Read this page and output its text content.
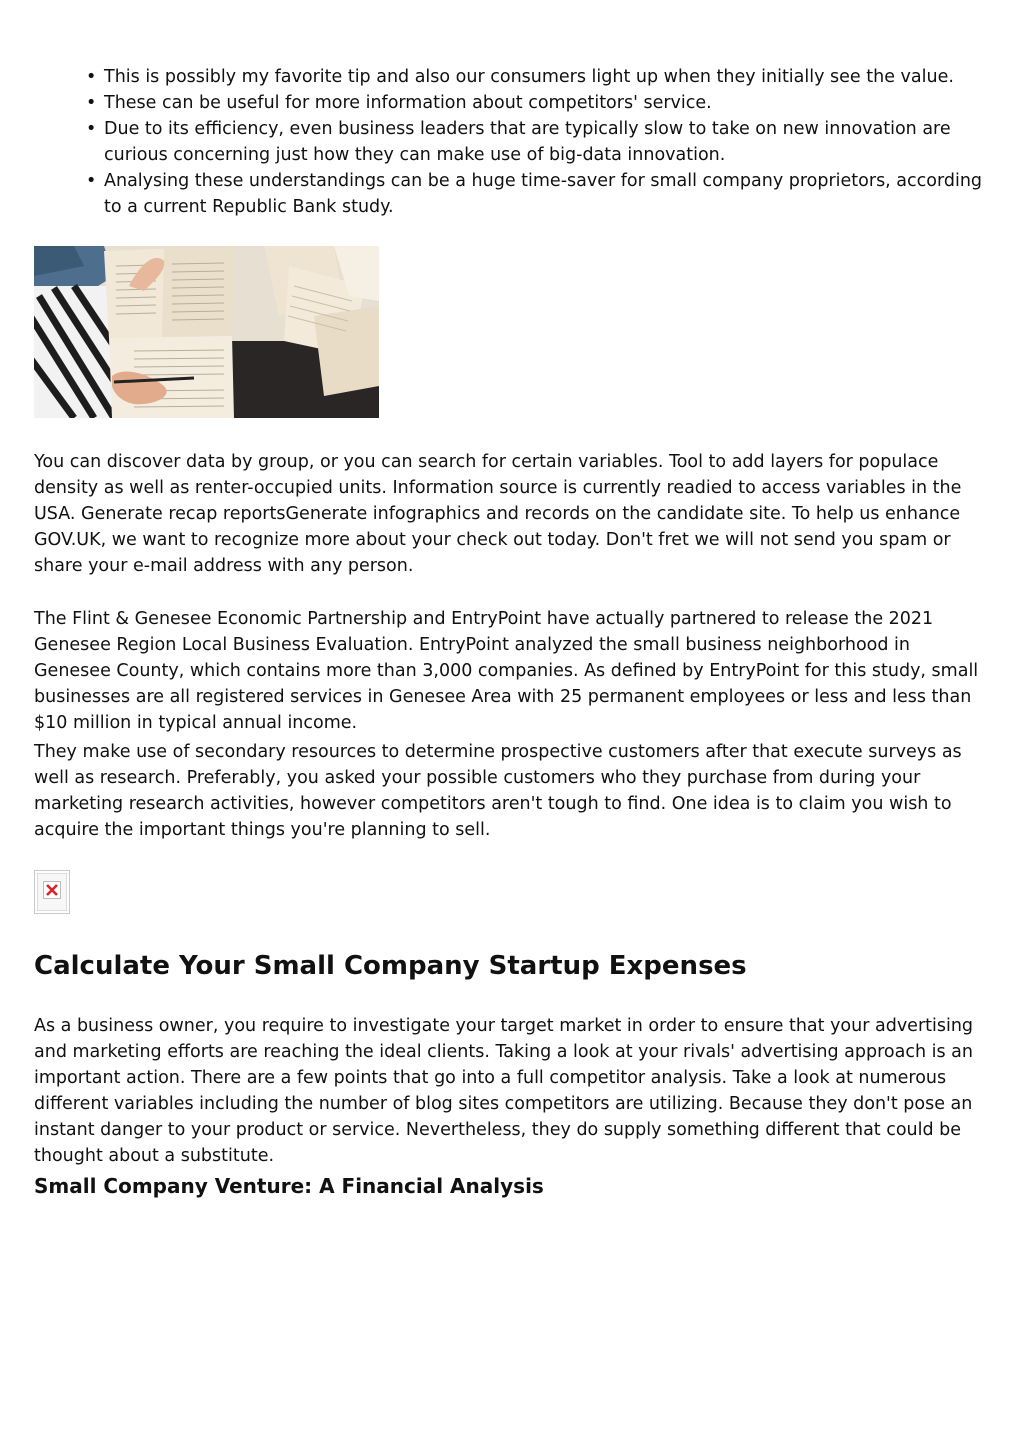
• This is possibly my favorite tip and also our consumers light up when they initially see the value.
• These can be useful for more information about competitors' service.
• Due to its efficiency, even business leaders that are typically slow to take on new innovation are curious concerning just how they can make use of big-data innovation.
• Analysing these understandings can be a huge time-saver for small company proprietors, according to a current Republic Bank study.

You can discover data by group, or you can search for certain variables. Tool to add layers for populace density as well as renter-occupied units. Information source is currently readied to access variables in the USA. Generate recap reportsGenerate infographics and records on the candidate site. To help us enhance GOV.UK, we want to recognize more about your check out today. Don't fret we will not send you spam or share your e-mail address with any person.

The Flint & Genesee Economic Partnership and EntryPoint have actually partnered to release the 2021 Genesee Region Local Business Evaluation. EntryPoint analyzed the small business neighborhood in Genesee County, which contains more than 3,000 companies. As defined by EntryPoint for this study, small businesses are all registered services in Genesee Area with 25 permanent employees or less and less than $10 million in typical annual income.

They make use of secondary resources to determine prospective customers after that execute surveys as well as research. Preferably, you asked your possible customers who they purchase from during your marketing research activities, however competitors aren't tough to find. One idea is to claim you wish to acquire the important things you're planning to sell.

Calculate Your Small Company Startup Expenses

As a business owner, you require to investigate your target market in order to ensure that your advertising and marketing efforts are reaching the ideal clients. Taking a look at your rivals' advertising approach is an important action. There are a few points that go into a full competitor analysis. Take a look at numerous different variables including the number of blog sites competitors are utilizing. Because they don't pose an instant danger to your product or service. Nevertheless, they do supply something different that could be thought about a substitute.

Small Company Venture: A Financial Analysis
